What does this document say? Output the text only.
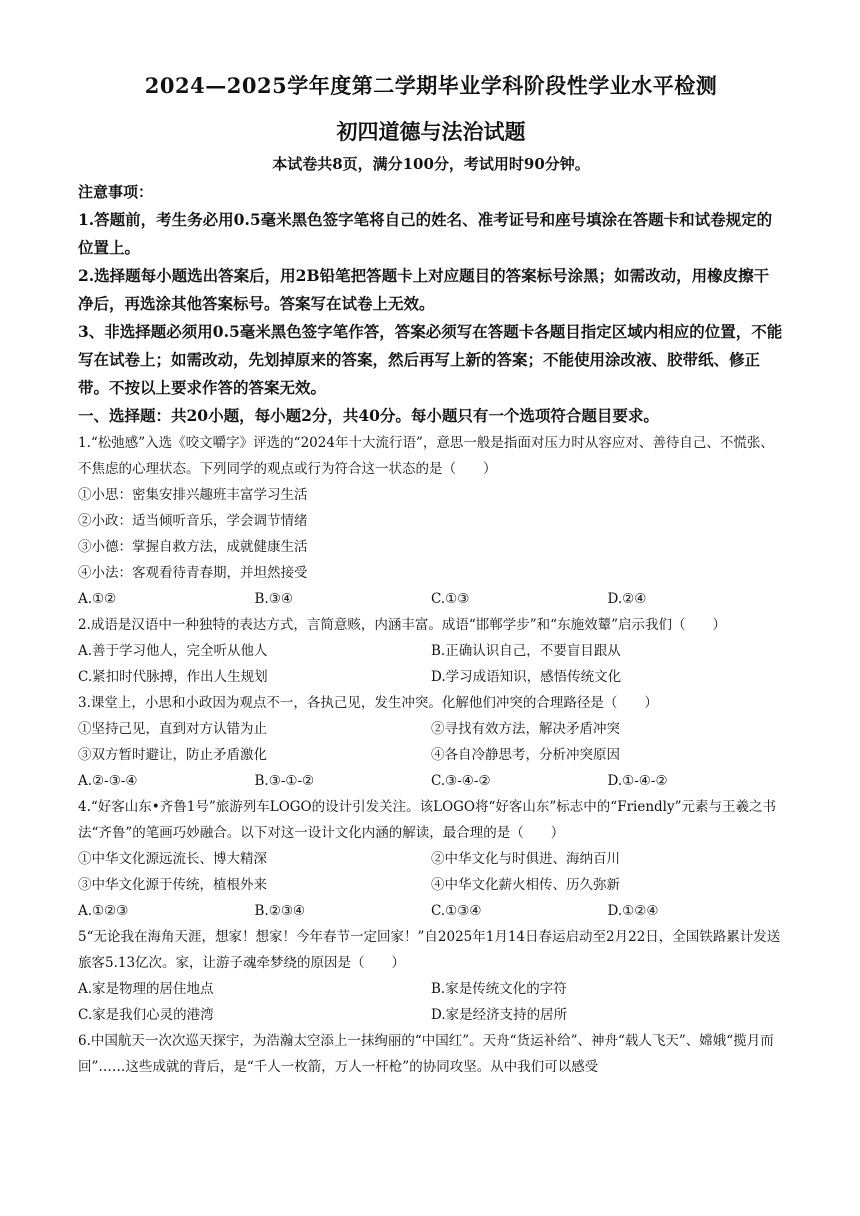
2024—2025学年度第二学期毕业学科阶段性学业水平检测
初四道德与法治试题
本试卷共8页，满分100分，考试用时90分钟。
注意事项：
1.答题前，考生务必用0.5毫米黑色签字笔将自己的姓名、准考证号和座号填涂在答题卡和试卷规定的位置上。
2.选择题每小题选出答案后，用2B铅笔把答题卡上对应题目的答案标号涂黑；如需改动，用橡皮擦干净后，再选涂其他答案标号。答案写在试卷上无效。
3、非选择题必须用0.5毫米黑色签字笔作答，答案必须写在答题卡各题目指定区域内相应的位置，不能写在试卷上；如需改动，先划掉原来的答案，然后再写上新的答案；不能使用涂改液、胶带纸、修正带。不按以上要求作答的答案无效。
一、选择题：共20小题，每小题2分，共40分。每小题只有一个选项符合题目要求。
1.“松弛感”入选《咬文嚼字》评选的“2024年十大流行语”，意思一般是指面对压力时从容应对、善待自己、不慌张、不焦虑的心理状态。下列同学的观点或行为符合这一状态的是（　　）
①小思：密集安排兴趣班丰富学习生活
②小政：适当倾听音乐，学会调节情绪
③小德：掌握自救方法，成就健康生活
④小法：客观看待青春期，并坦然接受
A.①②	B.③④	C.①③	D.②④
2.成语是汉语中一种独特的表达方式，言简意赅，内涵丰富。成语“邯郸学步”和“东施效颦”启示我们（　　）
A.善于学习他人，完全听从他人	B.正确认识自己，不要盲目跟从
C.紧扣时代脉搏，作出人生规划	D.学习成语知识，感悟传统文化
3.课堂上，小思和小政因为观点不一，各执己见，发生冲突。化解他们冲突的合理路径是（　　）
①坚持己见，直到对方认错为止	②寻找有效方法，解决矛盾冲突
③双方暂时避让，防止矛盾激化	④各自冷静思考，分析冲突原因
A.②-③-④	B.③-①-②	C.③-④-②	D.①-④-②
4.“好客山东•齐鲁1号”旅游列车LOGO的设计引发关注。该LOGO将“好客山东”标志中的“Friendly”元素与王羲之书法“齐鲁”的笔画巧妙融合。以下对这一设计文化内涵的解读，最合理的是（　　）
①中华文化源远流长、博大精深	②中华文化与时俱进、海纳百川
③中华文化源于传统，植根外来	④中华文化薪火相传、历久弥新
A.①②③	B.②③④	C.①③④	D.①②④
5“无论我在海角天涯，想家！想家！今年春节一定回家！”自2025年1月14日春运启动至2月22日，全国铁路累计发送旅客5.13亿次。家，让游子魂牵梦绕的原因是（　　）
A.家是物理的居住地点	B.家是传统文化的字符
C.家是我们心灵的港湾	D.家是经济支持的居所
6.中国航天一次次巡天探宇，为浩瀚太空添上一抹绚丽的“中国红”。天舟“货运补给”、神舟“载人飞天”、嫦娥“揽月而回”……这些成就的背后，是“千人一枚箭，万人一杆枪”的协同攻坚。从中我们可以感受
